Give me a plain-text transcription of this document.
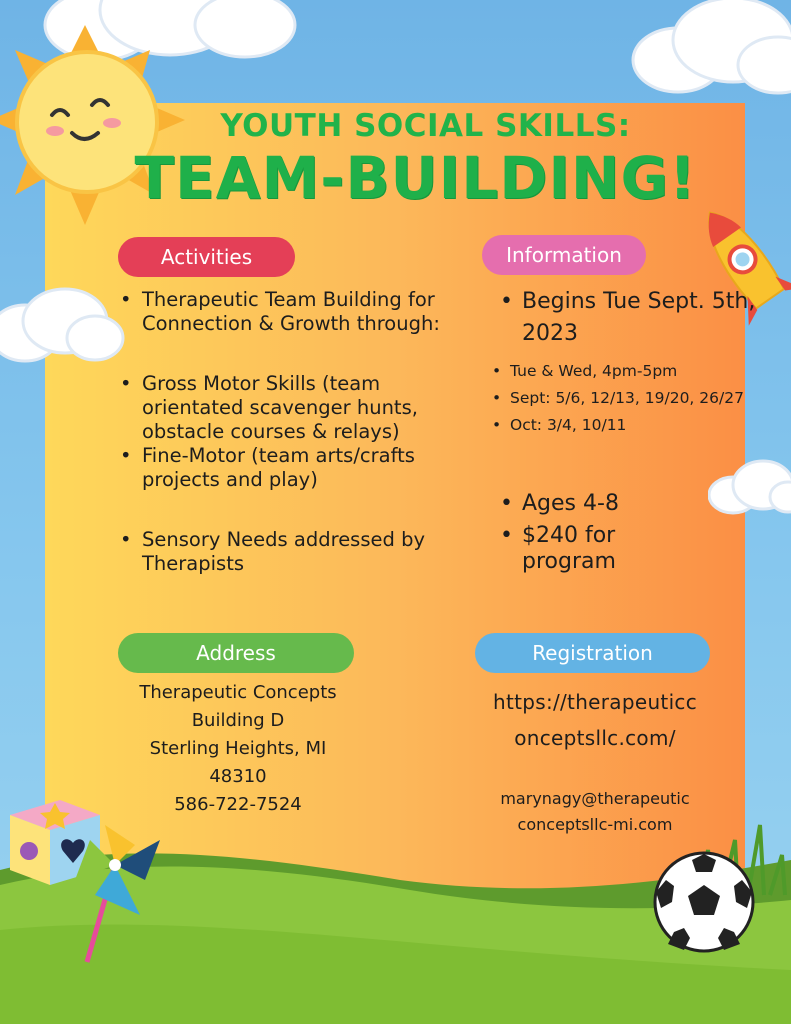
YOUTH SOCIAL SKILLS:
TEAM-BUILDING!
Activities
• Therapeutic Team Building for Connection & Growth through:
• Gross Motor Skills (team orientated scavenger hunts, obstacle courses & relays)
• Fine-Motor (team arts/crafts projects and play)
• Sensory Needs addressed by Therapists
Information
• Begins Tue Sept. 5th, 2023
• Tue & Wed, 4pm-5pm
• Sept: 5/6, 12/13, 19/20, 26/27
• Oct: 3/4, 10/11
• Ages 4-8
• $240 for program
Address
Therapeutic Concepts
Building D
Sterling Heights, MI
48310
586-722-7524
Registration
https://therapeuticc
onceptsllc.com/
marynagy@therapeutic
conceptsllc-mi.com
